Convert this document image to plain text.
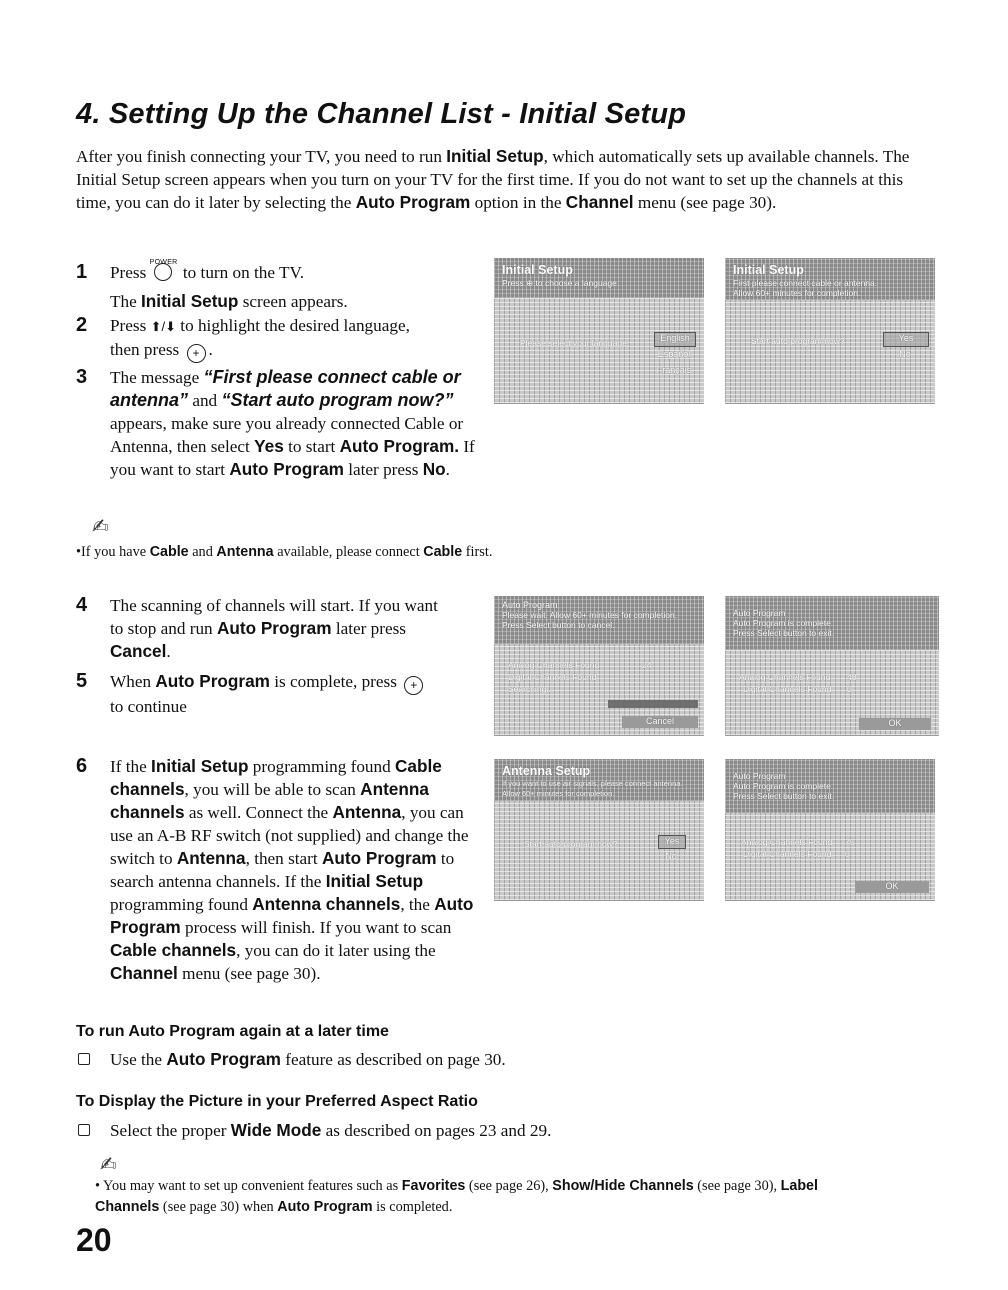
4. Setting Up the Channel List - Initial Setup
After you finish connecting your TV, you need to run Initial Setup, which automatically sets up available channels. The Initial Setup screen appears when you turn on your TV for the first time. If you do not want to set up the channels at this time, you can do it later by selecting the Auto Program option in the Channel menu (see page 30).
1	Press
POWER
to turn on the TV.

The Initial Setup screen appears.

2	Press ⬆/⬇ to highlight the desired language,

then press + .

3	The message “First please connect cable or antenna” and “Start auto program now?” appears, make sure you already connected Cable or Antenna, then select Yes to start Auto Program. If you want to start Auto Program later press No.

✍
•If you have Cable and Antenna available, please connect Cable first.
4	The scanning of channels will start. If you want to stop and run Auto Program later press Cancel.

5	When Auto Program is complete, press +

to continue

6	If the Initial Setup programming found Cable channels, you will be able to scan Antenna channels as well. Connect the Antenna, you can use an A-B RF switch (not supplied) and change the switch to Antenna, then start Auto Program to search antenna channels. If the Initial Setup programming found Antenna channels, the Auto Program process will finish. If you want to scan Cable channels, you can do it later using the Channel menu (see page 30).

To run Auto Program again at a later time
Use the Auto Program feature as described on page 30.
To Display the Picture in your Preferred Aspect Ratio
Select the proper Wide Mode as described on pages 23 and 29.
✍
• You may want to set up convenient features such as Favorites (see page 26), Show/Hide Channels (see page 30), Label Channels (see page 30) when Auto Program is completed.
20
Initial Setup
Press ⊕ to choose a language.
Please select your language.	English
Español
Français
Initial Setup
First please connect cable or antenna.
Allow 60+ minutes for completion.
Start auto program now?	Yes
No
Auto Program
Please wait. Allow 60+ minutes for completion.
Press Select button to cancel.
Analog Channels Found	24
Digital Channels Found
Searching...
Cancel
Auto Program
Auto Program is complete.
Press Select button to exit.
Analog Channels Found 48
Digital Channels Found 0
OK
Antenna Setup
If you want to use air signals, please connect antenna.
Allow 60+ minutes for completion.
Start auto program now?	Yes
No
Auto Program
Auto Program is complete.
Press Select button to exit.
Analog Channels Found 75
Digital Channels Found 0
OK
